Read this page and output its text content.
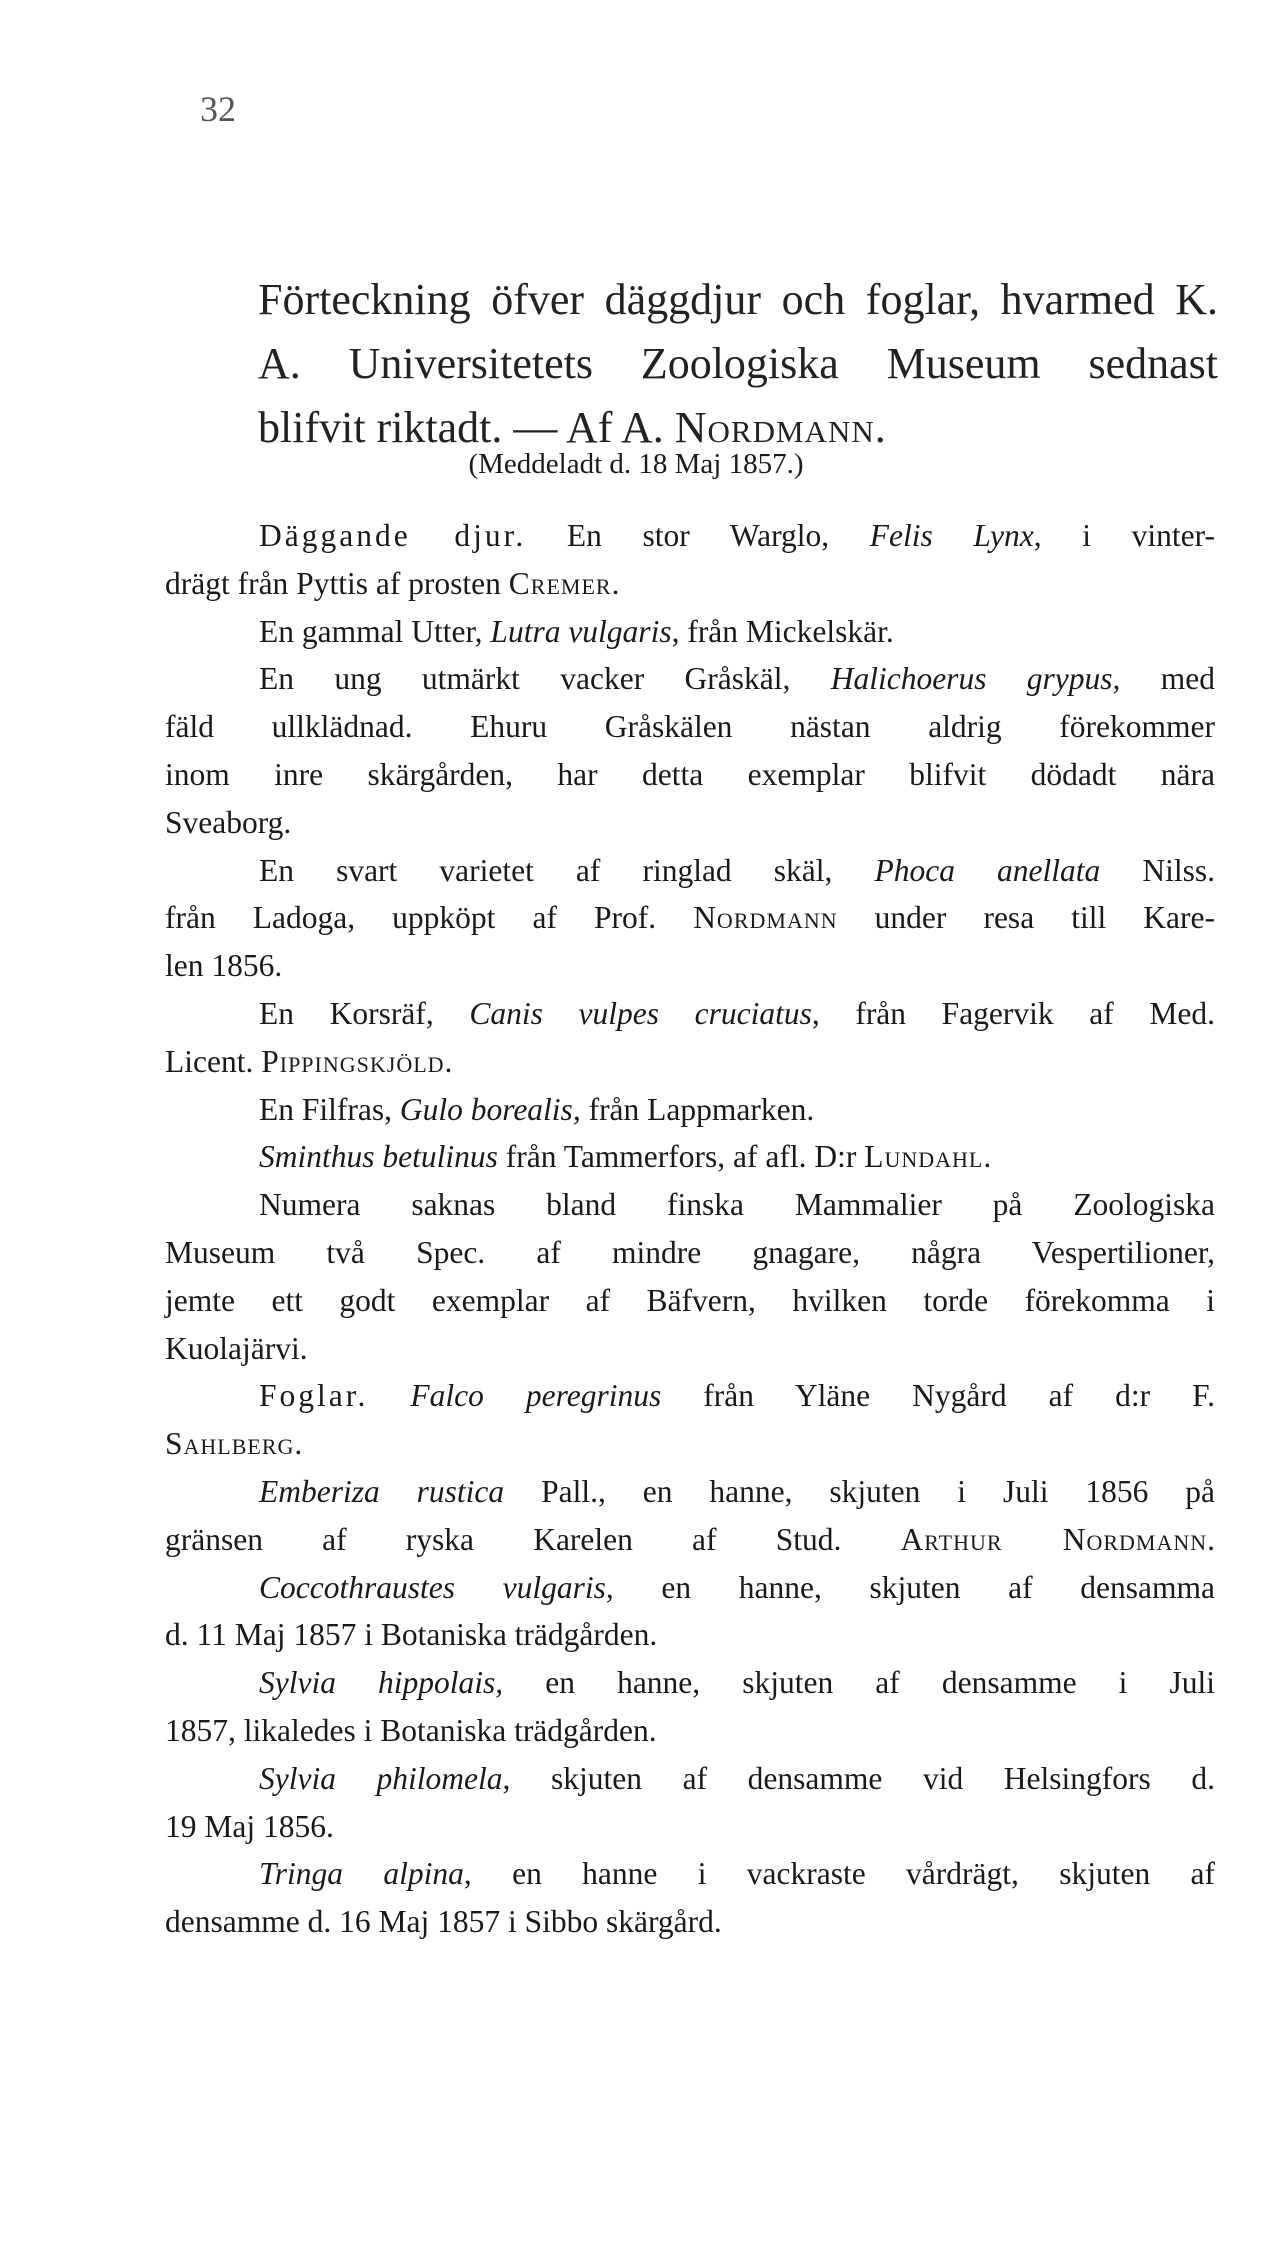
32
Förteckning öfver däggdjur och foglar, hvarmed K.
A. Universitetets Zoologiska Museum sednast
blifvit riktadt. — Af A. Nordmann.
(Meddeladt d. 18 Maj 1857.)
Däggande djur. En stor Warglo, Felis Lynx, i vinter-
drägt från Pyttis af prosten Cremer.
En gammal Utter, Lutra vulgaris, från Mickelskär.
En ung utmärkt vacker Gråskäl, Halichoerus grypus, med
fäld ullklädnad. Ehuru Gråskälen nästan aldrig förekommer
inom inre skärgården, har detta exemplar blifvit dödadt nära
Sveaborg.
En svart varietet af ringlad skäl, Phoca anellata Nilss.
från Ladoga, uppköpt af Prof. Nordmann under resa till Kare-
len 1856.
En Korsräf, Canis vulpes cruciatus, från Fagervik af Med.
Licent. Pippingskjöld.
En Filfras, Gulo borealis, från Lappmarken.
Sminthus betulinus från Tammerfors, af afl. D:r Lundahl.
Numera saknas bland finska Mammalier på Zoologiska
Museum två Spec. af mindre gnagare, några Vespertilioner,
jemte ett godt exemplar af Bäfvern, hvilken torde förekomma i
Kuolajärvi.
Foglar. Falco peregrinus från Yläne Nygård af d:r F.
Sahlberg.
Emberiza rustica Pall., en hanne, skjuten i Juli 1856 på
gränsen af ryska Karelen af Stud. Arthur Nordmann.
Coccothraustes vulgaris, en hanne, skjuten af densamma
d. 11 Maj 1857 i Botaniska trädgården.
Sylvia hippolais, en hanne, skjuten af densamme i Juli
1857, likaledes i Botaniska trädgården.
Sylvia philomela, skjuten af densamme vid Helsingfors d.
19 Maj 1856.
Tringa alpina, en hanne i vackraste vårdrägt, skjuten af
densamme d. 16 Maj 1857 i Sibbo skärgård.
